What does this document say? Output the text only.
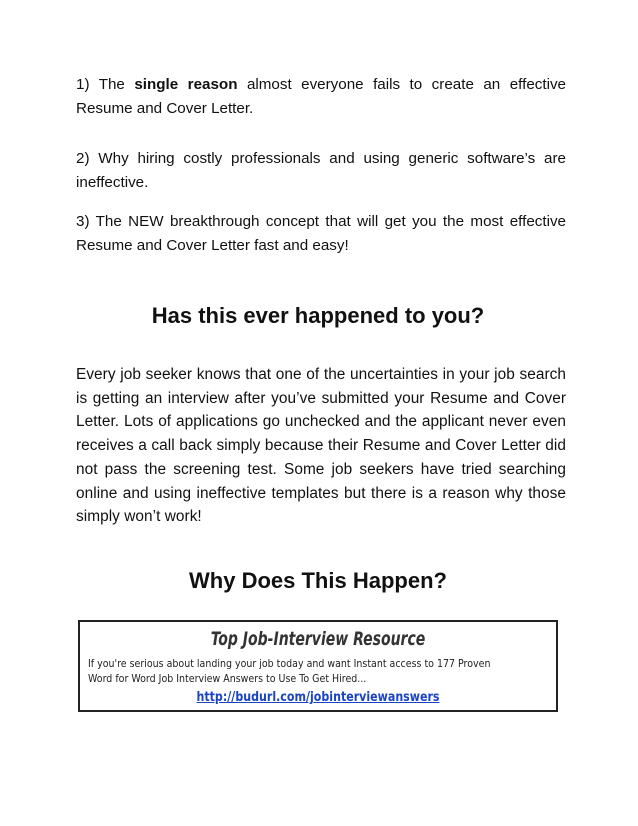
1) The single reason almost everyone fails to create an effective Resume and Cover Letter.

2) Why hiring costly professionals and using generic software’s are ineffective.

3) The NEW breakthrough concept that will get you the most effective Resume and Cover Letter fast and easy!

Has this ever happened to you?

Every job seeker knows that one of the uncertainties in your job search is getting an interview after you’ve submitted your Resume and Cover Letter. Lots of applications go unchecked and the applicant never even receives a call back simply because their Resume and Cover Letter did not pass the screening test. Some job seekers have tried searching online and using ineffective templates but there is a reason why those simply won’t work!

Why Does This Happen?
Top Job-Interview Resource
If you're serious about landing your job today and want Instant access to 177 Proven Word for Word Job Interview Answers to Use To Get Hired...
http://budurl.com/jobinterviewanswers
